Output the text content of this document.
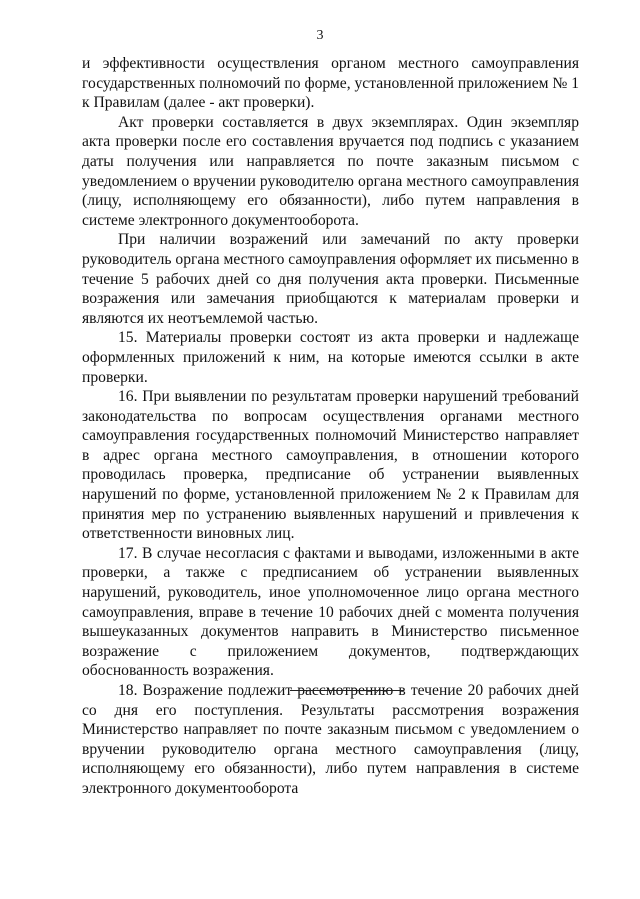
3

и эффективности осуществления органом местного самоуправления государственных полномочий по форме, установленной приложением № 1 к Правилам (далее - акт проверки).

Акт проверки составляется в двух экземплярах. Один экземпляр акта проверки после его составления вручается под подпись с указанием даты получения или направляется по почте заказным письмом с уведомлением о вручении руководителю органа местного самоуправления (лицу, исполняющему его обязанности), либо путем направления в системе электронного документооборота.

При наличии возражений или замечаний по акту проверки руководитель органа местного самоуправления оформляет их письменно в течение 5 рабочих дней со дня получения акта проверки. Письменные возражения или замечания приобщаются к материалам проверки и являются их неотъемлемой частью.

15. Материалы проверки состоят из акта проверки и надлежаще оформленных приложений к ним, на которые имеются ссылки в акте проверки.

16. При выявлении по результатам проверки нарушений требований законодательства по вопросам осуществления органами местного самоуправления государственных полномочий Министерство направляет в адрес органа местного самоуправления, в отношении которого проводилась проверка, предписание об устранении выявленных нарушений по форме, установленной приложением № 2 к Правилам для принятия мер по устранению выявленных нарушений и привлечения к ответственности виновных лиц.

17. В случае несогласия с фактами и выводами, изложенными в акте проверки, а также с предписанием об устранении выявленных нарушений, руководитель, иное уполномоченное лицо органа местного самоуправления, вправе в течение 10 рабочих дней с момента получения вышеуказанных документов направить в Министерство письменное возражение с приложением документов, подтверждающих обоснованность возражения.

18. Возражение подлежит рассмотрению в течение 20 рабочих дней со дня его поступления. Результаты рассмотрения возражения Министерство направляет по почте заказным письмом с уведомлением о вручении руководителю органа местного самоуправления (лицу, исполняющему его обязанности), либо путем направления в системе электронного документооборота
